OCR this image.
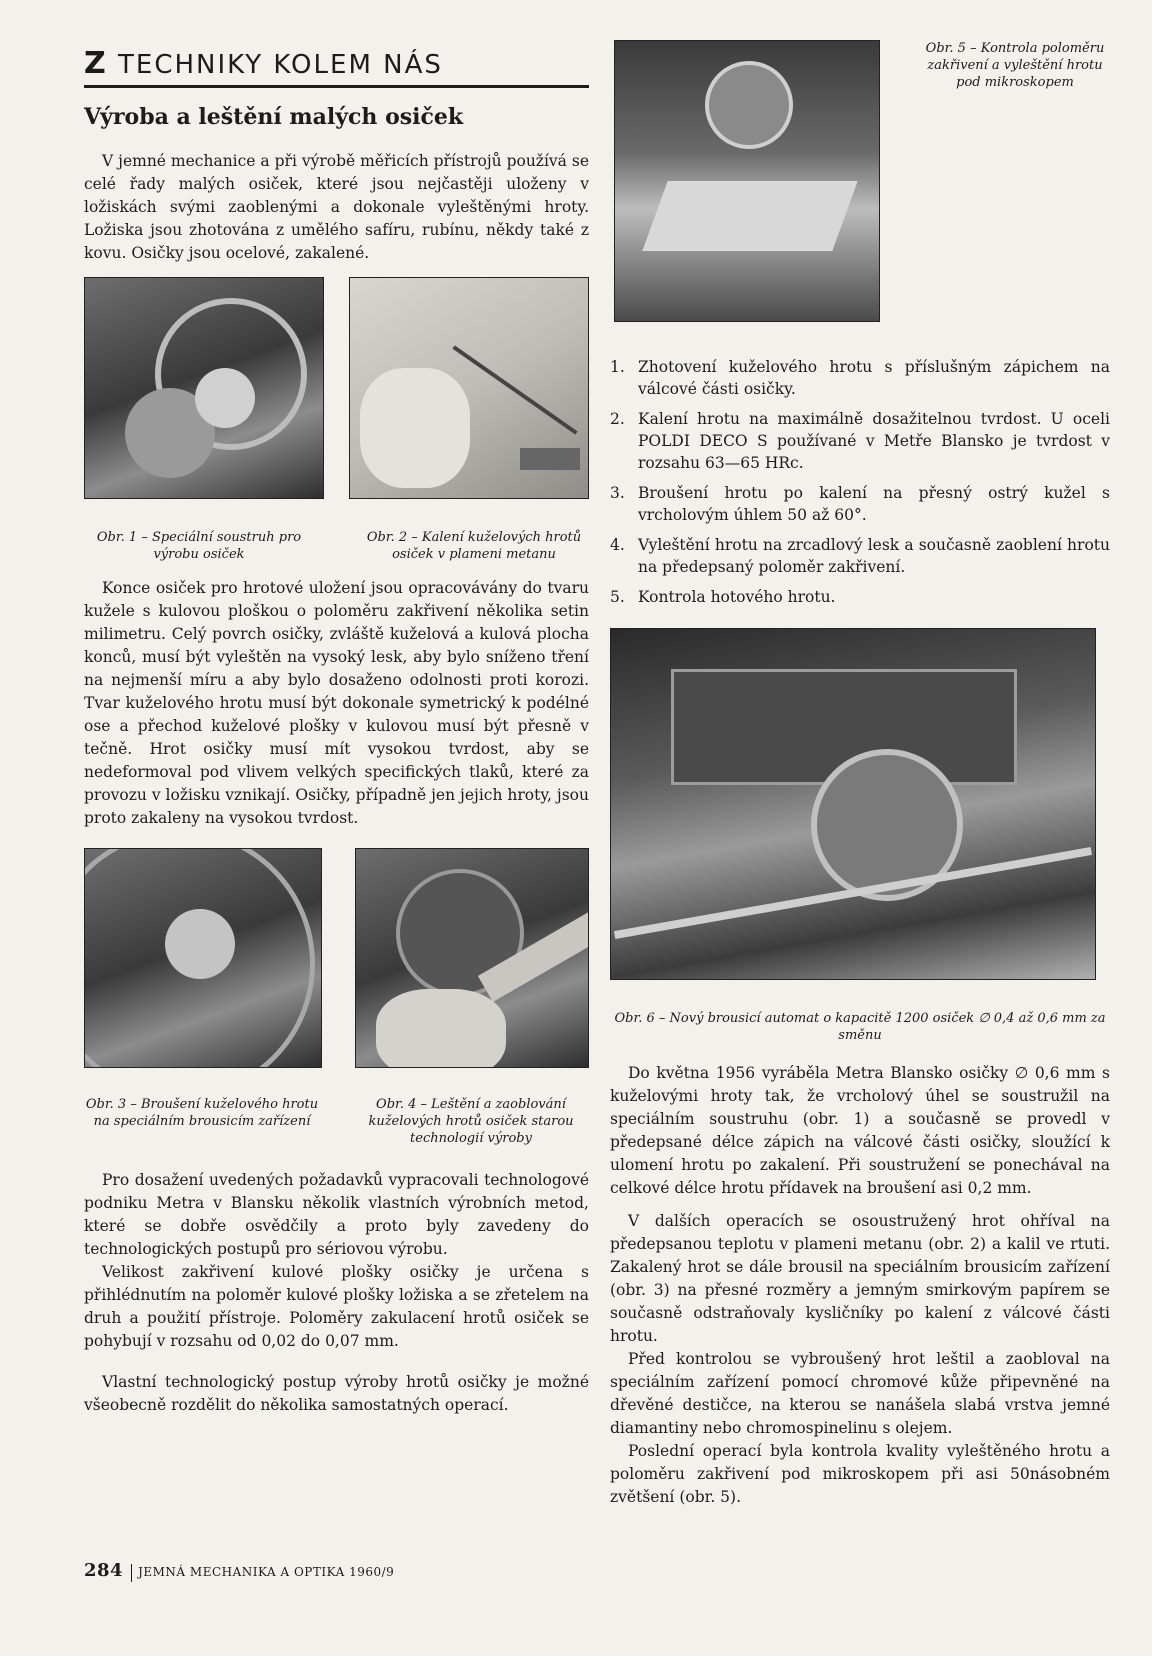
Z TECHNIKY KOLEM NÁS
Výroba a leštění malých osiček

V jemné mechanice a při výrobě měřicích přístrojů používá se celé řady malých osiček, které jsou nejčastěji uloženy v ložiskách svými zaoblenými a dokonale vyleštěnými hroty. Ložiska jsou zhotována z umělého safíru, rubínu, někdy také z kovu. Osičky jsou ocelové, zakalené.

Obr. 1 – Speciální soustruh pro výrobu osiček
Obr. 2 – Kalení kuželových hrotů osiček v plameni metanu

Konce osiček pro hrotové uložení jsou opracovávány do tvaru kužele s kulovou ploškou o poloměru zakřivení několika setin milimetru. Celý povrch osičky, zvláště kuželová a kulová plocha konců, musí být vyleštěn na vysoký lesk, aby bylo sníženo tření na nejmenší míru a aby bylo dosaženo odolnosti proti korozi. Tvar kuželového hrotu musí být dokonale symetrický k podélné ose a přechod kuželové plošky v kulovou musí být přesně v tečně. Hrot osičky musí mít vysokou tvrdost, aby se nedeformoval pod vlivem velkých specifických tlaků, které za provozu v ložisku vznikají. Osičky, případně jen jejich hroty, jsou proto zakaleny na vysokou tvrdost.

Obr. 3 – Broušení kuželového hrotu na speciálním brousicím zařízení
Obr. 4 – Leštění a zaoblování kuželových hrotů osiček starou technologií výroby

Pro dosažení uvedených požadavků vypracovali technologové podniku Metra v Blansku několik vlastních výrobních metod, které se dobře osvědčily a proto byly zavedeny do technologických postupů pro sériovou výrobu.

Velikost zakřivení kulové plošky osičky je určena s přihlédnutím na poloměr kulové plošky ložiska a se zřetelem na druh a použití přístroje. Poloměry zakulacení hrotů osiček se pohybují v rozsahu od 0,02 do 0,07 mm.

Vlastní technologický postup výroby hrotů osičky je možné všeobecně rozdělit do několika samostatných operací.

Obr. 5 – Kontrola poloměru zakřivení a vyleštění hrotu pod mikroskopem
1. Zhotovení kuželového hrotu s příslušným zápichem na válcové části osičky.
2. Kalení hrotu na maximálně dosažitelnou tvrdost. U oceli POLDI DECO S používané v Metře Blansko je tvrdost v rozsahu 63—65 HRc.
3. Broušení hrotu po kalení na přesný ostrý kužel s vrcholovým úhlem 50 až 60°.
4. Vyleštění hrotu na zrcadlový lesk a současně zaoblení hrotu na předepsaný poloměr zakřivení.
5. Kontrola hotového hrotu.
Obr. 6 – Nový brousicí automat o kapacitě 1200 osiček ∅ 0,4 až 0,6 mm za směnu

Do května 1956 vyráběla Metra Blansko osičky ∅ 0,6 mm s kuželovými hroty tak, že vrcholový úhel se soustružil na speciálním soustruhu (obr. 1) a současně se provedl v předepsané délce zápich na válcové části osičky, sloužící k ulomení hrotu po zakalení. Při soustružení se ponechával na celkové délce hrotu přídavek na broušení asi 0,2 mm.

V dalších operacích se osoustružený hrot ohříval na předepsanou teplotu v plameni metanu (obr. 2) a kalil ve rtuti. Zakalený hrot se dále brousil na speciálním brousicím zařízení (obr. 3) na přesné rozměry a jemným smirkovým papírem se současně odstraňovaly kysličníky po kalení z válcové části hrotu.

Před kontrolou se vybroušený hrot leštil a zaobloval na speciálním zařízení pomocí chromové kůže připevněné na dřevěné destičce, na kterou se nanášela slabá vrstva jemné diamantiny nebo chromospinelinu s olejem.

Poslední operací byla kontrola kvality vyleštěného hrotu a poloměru zakřivení pod mikroskopem při asi 50násobném zvětšení (obr. 5).

284 JEMNÁ MECHANIKA A OPTIKA 1960/9
